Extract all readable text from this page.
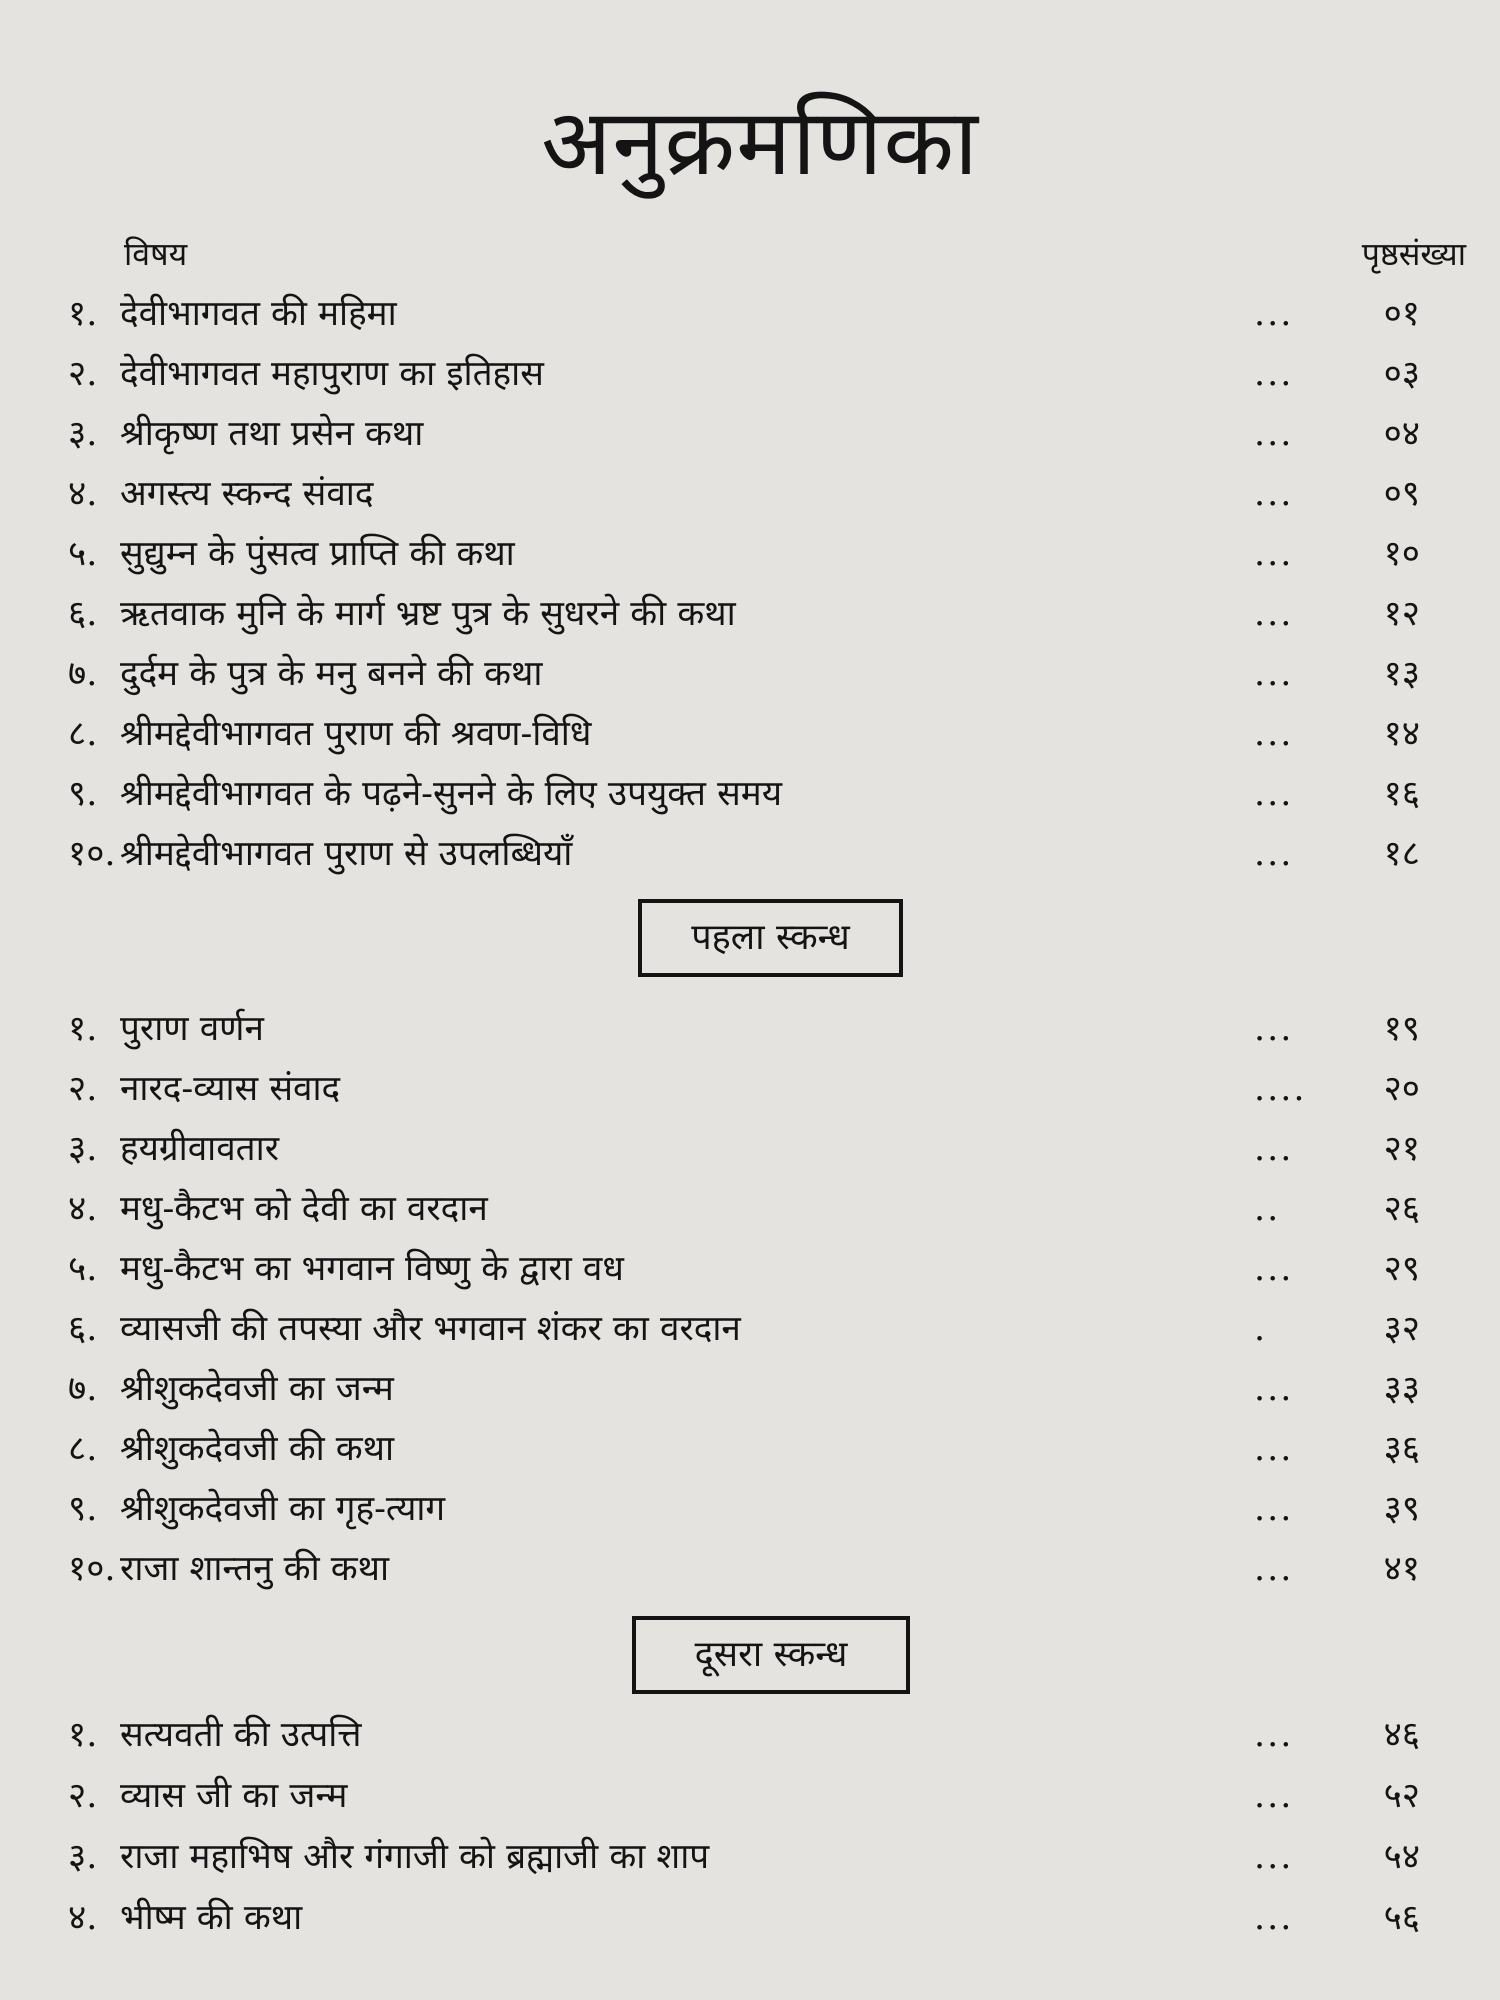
अनुक्रमणिका
विषय	पृष्ठसंख्या
१. देवीभागवत की महिमा	...	०१
२. देवीभागवत महापुराण का इतिहास	...	०३
३. श्रीकृष्ण तथा प्रसेन कथा	...	०४
४. अगस्त्य स्कन्द संवाद	...	०९
५. सुद्युम्न के पुंसत्व प्राप्ति की कथा	...	१०
६. ऋतवाक मुनि के मार्ग भ्रष्ट पुत्र के सुधरने की कथा	...	१२
७. दुर्दम के पुत्र के मनु बनने की कथा	...	१३
८. श्रीमद्देवीभागवत पुराण की श्रवण-विधि	...	१४
९. श्रीमद्देवीभागवत के पढ़ने-सुनने के लिए उपयुक्त समय	...	१६
१०. श्रीमद्देवीभागवत पुराण से उपलब्धियाँ	...	१८
पहला स्कन्ध
१. पुराण वर्णन	...	१९
२. नारद-व्यास संवाद	.... २०
३. हयग्रीवावतार	...	२१
४. मधु-कैटभ को देवी का वरदान	..	२६
५. मधु-कैटभ का भगवान विष्णु के द्वारा वध	...	२९
६. व्यासजी की तपस्या और भगवान शंकर का वरदान	.	३२
७. श्रीशुकदेवजी का जन्म	...	३३
८. श्रीशुकदेवजी की कथा	...	३६
९. श्रीशुकदेवजी का गृह-त्याग	...	३९
१०. राजा शान्तनु की कथा	...	४१
दूसरा स्कन्ध
१. सत्यवती की उत्पत्ति	...	४६
२. व्यास जी का जन्म	...	५२
३. राजा महाभिष और गंगाजी को ब्रह्माजी का शाप	...	५४
४. भीष्म की कथा	...	५६
